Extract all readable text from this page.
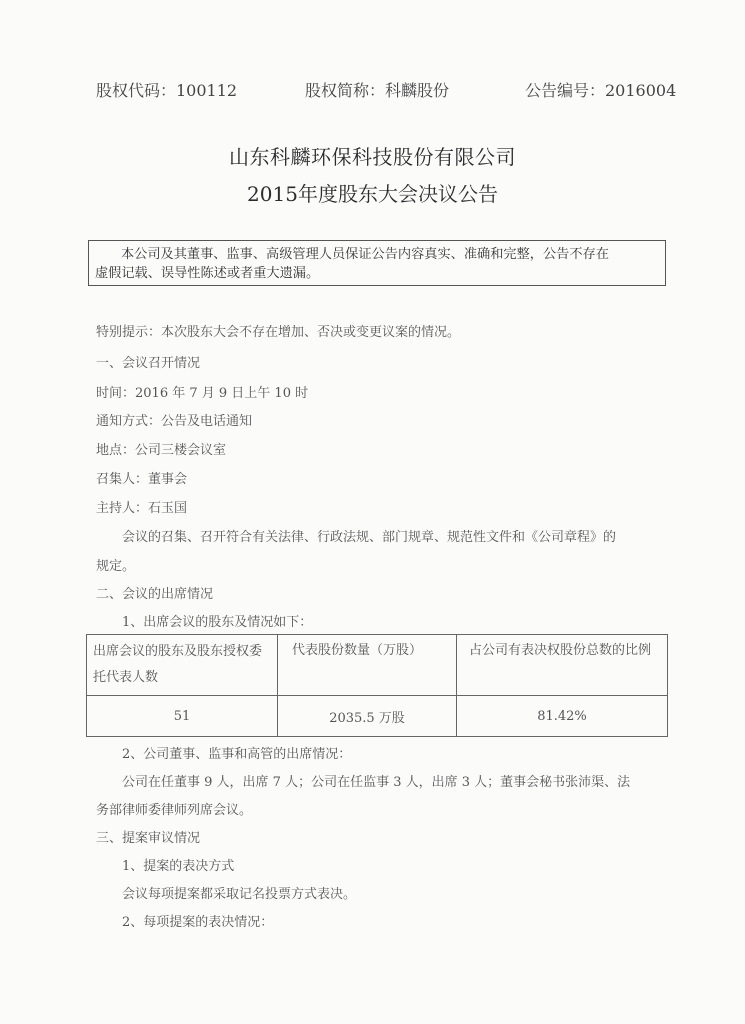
股权代码：100112	股权简称：科麟股份	公告编号：2016004
山东科麟环保科技股份有限公司
2015年度股东大会决议公告
本公司及其董事、监事、高级管理人员保证公告内容真实、准确和完整，公告不存在
虚假记载、误导性陈述或者重大遗漏。
特别提示：本次股东大会不存在增加、否决或变更议案的情况。
一、会议召开情况
时间：2016 年 7 月 9 日上午 10 时
通知方式：公告及电话通知
地点：公司三楼会议室
召集人：董事会
主持人：石玉国
会议的召集、召开符合有关法律、行政法规、部门规章、规范性文件和《公司章程》的
规定。
二、会议的出席情况
1、出席会议的股东及情况如下：
出席会议的股东及股东授权委托代表人数	代表股份数量（万股）	占公司有表决权股份总数的比例
51	2035.5 万股	81.42%
2、公司董事、监事和高管的出席情况：
公司在任董事 9 人，出席 7 人；公司在任监事 3 人，出席 3 人；董事会秘书张沛渠、法
务部律师委律师列席会议。
三、提案审议情况
1、提案的表决方式
会议每项提案都采取记名投票方式表决。
2、每项提案的表决情况：
